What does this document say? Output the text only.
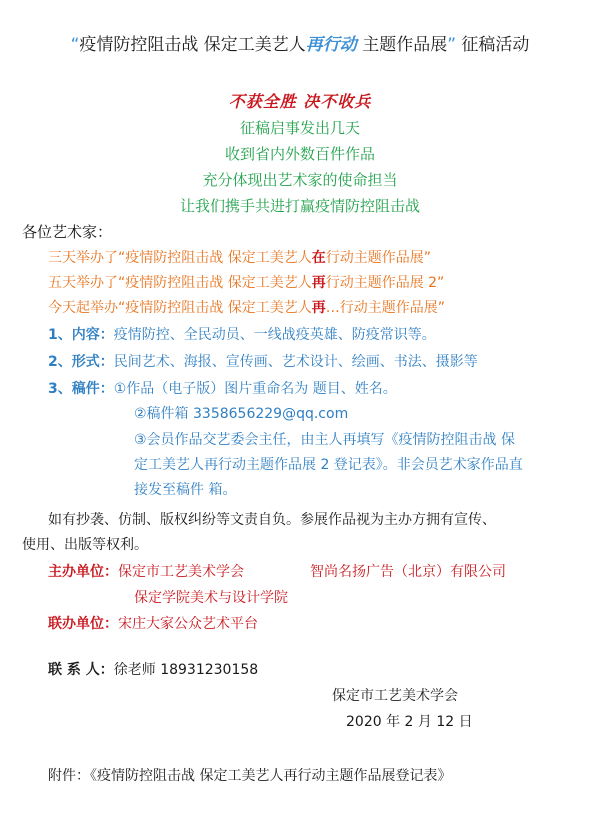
“疫情防控阻击战 保定工美艺人再行动 主题作品展” 征稿活动
不获全胜 决不收兵
征稿启事发出几天
收到省内外数百件作品
充分体现出艺术家的使命担当
让我们携手共进打赢疫情防控阻击战
各位艺术家：
三天举办了“疫情防控阻击战 保定工美艺人在行动主题作品展”
五天举办了“疫情防控阻击战 保定工美艺人再行动主题作品展 2”
今天起举办“疫情防控阻击战 保定工美艺人再…行动主题作品展”
1、内容：疫情防控、全民动员、一线战疫英雄、防疫常识等。
2、形式：民间艺术、海报、宣传画、艺术设计、绘画、书法、摄影等
3、稿件：①作品（电子版）图片重命名为 题目、姓名。
②稿件箱 3358656229@qq.com
③会员作品交艺委会主任，由主人再填写《疫情防控阻击战 保
定工美艺人再行动主题作品展 2 登记表》。非会员艺术家作品直
接发至稿件 箱。
如有抄袭、仿制、版权纠纷等文责自负。参展作品视为主办方拥有宣传、
使用、出版等权利。
主办单位：保定市工艺美术学会	智尚名扬广告（北京）有限公司
保定学院美术与设计学院
联办单位：宋庄大家公众艺术平台
联 系 人：徐老师 18931230158
保定市工艺美术学会
2020 年 2 月 12 日
附件：《疫情防控阻击战 保定工美艺人再行动主题作品展登记表》
